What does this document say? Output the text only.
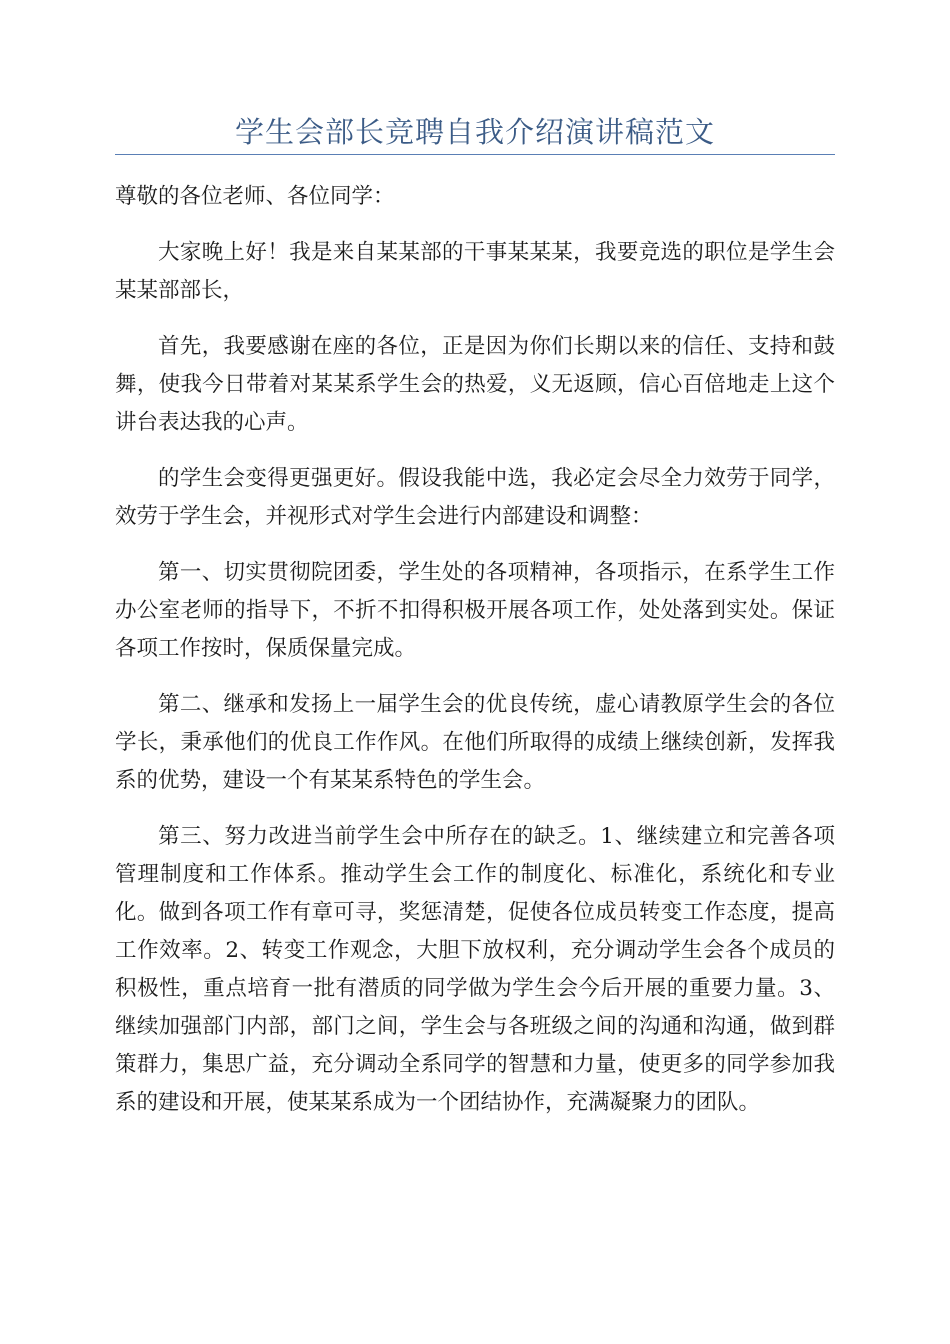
学生会部长竞聘自我介绍演讲稿范文

尊敬的各位老师、各位同学：

大家晚上好！我是来自某某部的干事某某某，我要竞选的职位是学生会某某部部长，

首先，我要感谢在座的各位，正是因为你们长期以来的信任、支持和鼓舞，使我今日带着对某某系学生会的热爱，义无返顾，信心百倍地走上这个讲台表达我的心声。

的学生会变得更强更好。假设我能中选，我必定会尽全力效劳于同学，效劳于学生会，并视形式对学生会进行内部建设和调整：

第一、切实贯彻院团委，学生处的各项精神，各项指示，在系学生工作办公室老师的指导下，不折不扣得积极开展各项工作，处处落到实处。保证各项工作按时，保质保量完成。

第二、继承和发扬上一届学生会的优良传统，虚心请教原学生会的各位学长，秉承他们的优良工作作风。在他们所取得的成绩上继续创新，发挥我系的优势，建设一个有某某系特色的学生会。

第三、努力改进当前学生会中所存在的缺乏。1、继续建立和完善各项管理制度和工作体系。推动学生会工作的制度化、标准化，系统化和专业化。做到各项工作有章可寻，奖惩清楚，促使各位成员转变工作态度，提高工作效率。2、转变工作观念，大胆下放权利，充分调动学生会各个成员的积极性，重点培育一批有潜质的同学做为学生会今后开展的重要力量。3、继续加强部门内部，部门之间，学生会与各班级之间的沟通和沟通，做到群策群力，集思广益，充分调动全系同学的智慧和力量，使更多的同学参加我系的建设和开展，使某某系成为一个团结协作，充满凝聚力的团队。
